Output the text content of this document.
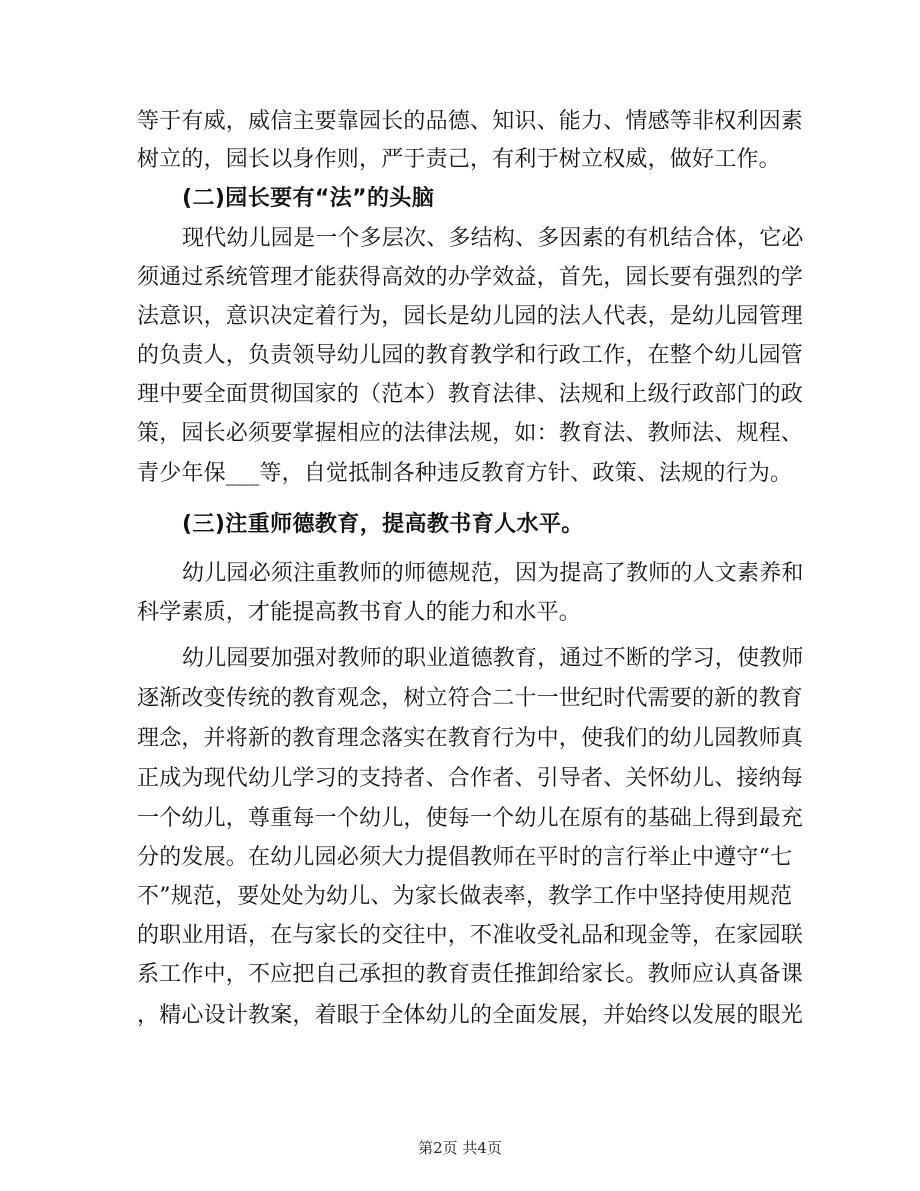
等于有威，威信主要靠园长的品德、知识、能力、情感等非权利因素
树立的，园长以身作则，严于责己，有利于树立权威，做好工作。
(二)园长要有“法”的头脑
现代幼儿园是一个多层次、多结构、多因素的有机结合体，它必
须通过系统管理才能获得高效的办学效益，首先，园长要有强烈的学
法意识，意识决定着行为，园长是幼儿园的法人代表，是幼儿园管理
的负责人，负责领导幼儿园的教育教学和行政工作，在整个幼儿园管
理中要全面贯彻国家的（范本）教育法律、法规和上级行政部门的政
策，园长必须要掌握相应的法律法规，如：教育法、教师法、规程、
青少年保___等，自觉抵制各种违反教育方针、政策、法规的行为。
(三)注重师德教育，提高教书育人水平。
幼儿园必须注重教师的师德规范，因为提高了教师的人文素养和
科学素质，才能提高教书育人的能力和水平。
幼儿园要加强对教师的职业道德教育，通过不断的学习，使教师
逐渐改变传统的教育观念，树立符合二十一世纪时代需要的新的教育
理念，并将新的教育理念落实在教育行为中，使我们的幼儿园教师真
正成为现代幼儿学习的支持者、合作者、引导者、关怀幼儿、接纳每
一个幼儿，尊重每一个幼儿，使每一个幼儿在原有的基础上得到最充
分的发展。在幼儿园必须大力提倡教师在平时的言行举止中遵守“七
不”规范，要处处为幼儿、为家长做表率，教学工作中坚持使用规范
的职业用语，在与家长的交往中，不准收受礼品和现金等，在家园联
系工作中，不应把自己承担的教育责任推卸给家长。教师应认真备课
，精心设计教案，着眼于全体幼儿的全面发展，并始终以发展的眼光
第2页 共4页
